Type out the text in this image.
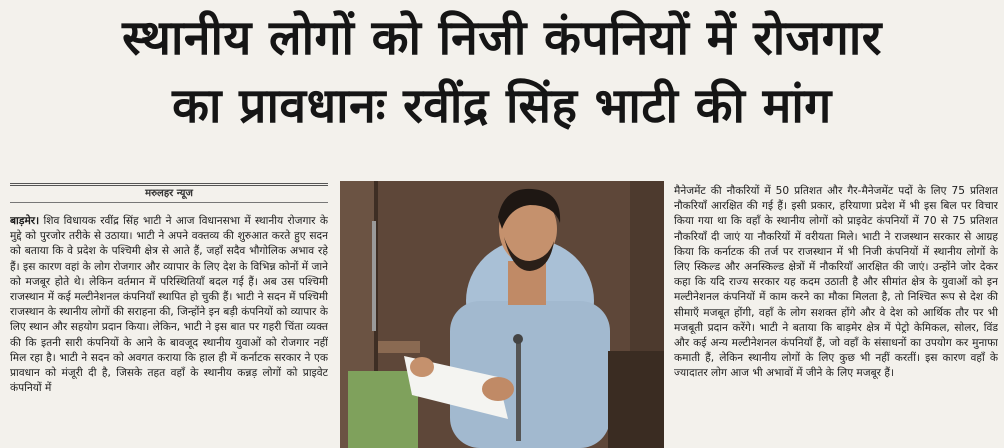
स्थानीय लोगों को निजी कंपनियों में रोजगार
का प्रावधानः रवींद्र सिंह भाटी की मांग
मरुलहर न्यूज
बाड़मेर। शिव विधायक रवींद्र सिंह भाटी ने आज विधानसभा में स्थानीय रोजगार के मुद्दे को पुरजोर तरीके से उठाया। भाटी ने अपने वक्तव्य की शुरुआत करते हुए सदन को बताया कि वे प्रदेश के पश्चिमी क्षेत्र से आते हैं, जहाँ सदैव भौगोलिक अभाव रहे हैं। इस कारण वहां के लोग रोजगार और व्यापार के लिए देश के विभिन्न कोनों में जाने को मजबूर होते थे। लेकिन वर्तमान में परिस्थितियाँ बदल गई हैं। अब उस पश्चिमी राजस्थान में कई मल्टीनेशनल कंपनियाँ स्थापित हो चुकी हैं। भाटी ने सदन में पश्चिमी राजस्थान के स्थानीय लोगों की सराहना की, जिन्होंने इन बड़ी कंपनियों को व्यापार के लिए स्थान और सहयोग प्रदान किया। लेकिन, भाटी ने इस बात पर गहरी चिंता व्यक्त की कि इतनी सारी कंपनियों के आने के बावजूद स्थानीय युवाओं को रोजगार नहीं मिल रहा है। भाटी ने सदन को अवगत कराया कि हाल ही में कर्नाटक सरकार ने एक प्रावधान को मंजूरी दी है, जिसके तहत वहाँ के स्थानीय कन्नड़ लोगों को प्राइवेट कंपनियों में
मैनेजमेंट की नौकरियों में 50 प्रतिशत और गैर-मैनेजमेंट पदों के लिए 75 प्रतिशत नौकरियाँ आरक्षित की गई हैं। इसी प्रकार, हरियाणा प्रदेश में भी इस बिल पर विचार किया गया था कि वहाँ के स्थानीय लोगों को प्राइवेट कंपनियों में 70 से 75 प्रतिशत नौकरियाँ दी जाएं या नौकरियों में वरीयता मिले। भाटी ने राजस्थान सरकार से आग्रह किया कि कर्नाटक की तर्ज पर राजस्थान में भी निजी कंपनियों में स्थानीय लोगों के लिए स्किल्ड और अनस्किल्ड क्षेत्रों में नौकरियाँ आरक्षित की जाएं। उन्होंने जोर देकर कहा कि यदि राज्य सरकार यह कदम उठाती है और सीमांत क्षेत्र के युवाओं को इन मल्टीनेशनल कंपनियों में काम करने का मौका मिलता है, तो निश्चित रूप से देश की सीमाएँ मजबूत होंगी, वहाँ के लोग सशक्त होंगे और वे देश को आर्थिक तौर पर भी मजबूती प्रदान करेंगे। भाटी ने बताया कि बाड़मेर क्षेत्र में पेट्रो केमिकल, सोलर, विंड और कई अन्य मल्टीनेशनल कंपनियाँ हैं, जो वहाँ के संसाधनों का उपयोग कर मुनाफा कमाती हैं, लेकिन स्थानीय लोगों के लिए कुछ भी नहीं करतीं। इस कारण वहाँ के ज्यादातर लोग आज भी अभावों में जीने के लिए मजबूर हैं।
